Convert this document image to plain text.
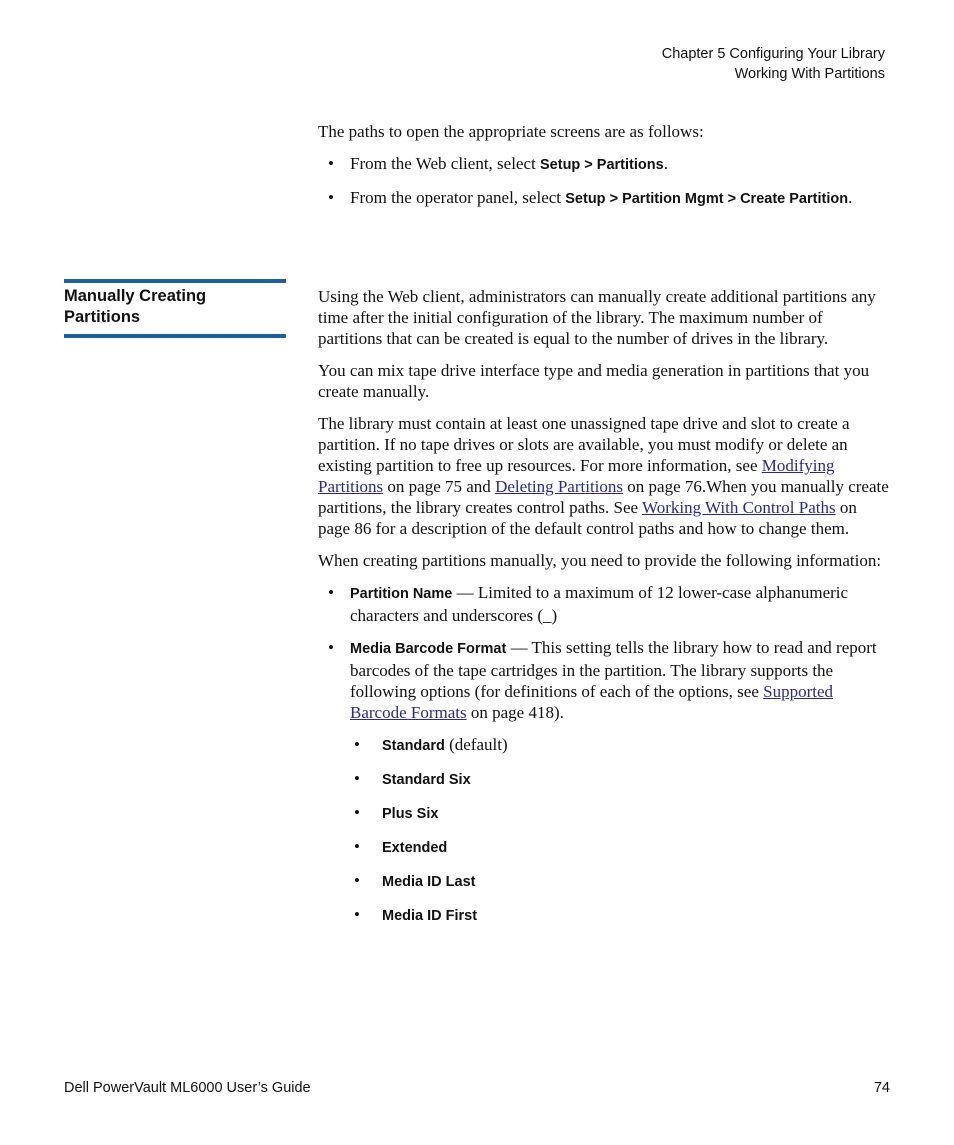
Chapter 5 Configuring Your Library
Working With Partitions

The paths to open the appropriate screens are as follows:

• From the Web client, select Setup > Partitions.

• From the operator panel, select Setup > Partition Mgmt > Create Partition.

Manually Creating Partitions

Using the Web client, administrators can manually create additional partitions any time after the initial configuration of the library. The maximum number of partitions that can be created is equal to the number of drives in the library.

You can mix tape drive interface type and media generation in partitions that you create manually.

The library must contain at least one unassigned tape drive and slot to create a partition. If no tape drives or slots are available, you must modify or delete an existing partition to free up resources. For more information, see Modifying Partitions on page 75 and Deleting Partitions on page 76.When you manually create partitions, the library creates control paths. See Working With Control Paths on page 86 for a description of the default control paths and how to change them.

When creating partitions manually, you need to provide the following information:

• Partition Name — Limited to a maximum of 12 lower-case alphanumeric characters and underscores (_)

• Media Barcode Format — This setting tells the library how to read and report barcodes of the tape cartridges in the partition. The library supports the following options (for definitions of each of the options, see Supported Barcode Formats on page 418).

• Standard (default)

• Standard Six

• Plus Six

• Extended

• Media ID Last

• Media ID First

Dell PowerVault ML6000 User’s Guide	74
